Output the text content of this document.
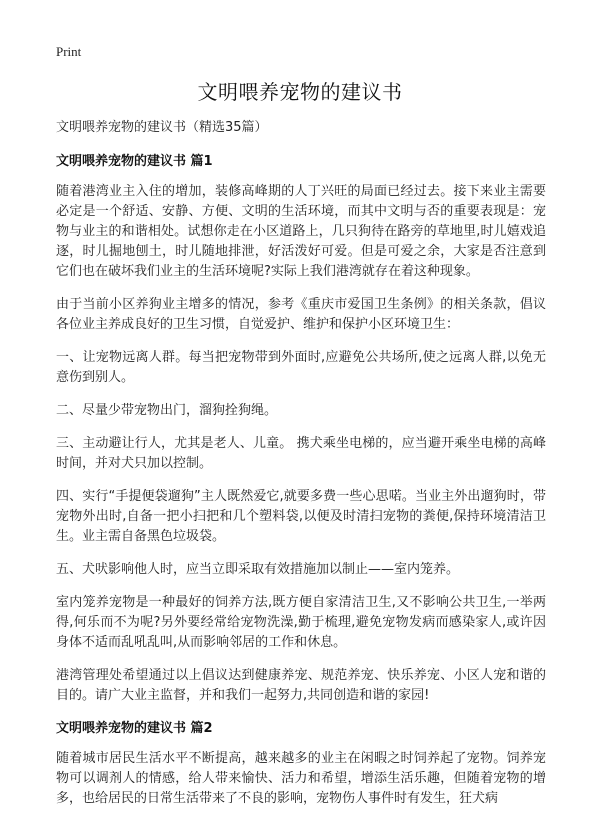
Print
文明喂养宠物的建议书

文明喂养宠物的建议书（精选35篇）

文明喂养宠物的建议书 篇1

随着港湾业主入住的增加，装修高峰期的人丁兴旺的局面已经过去。接下来业主需要必定是一个舒适、安静、方便、文明的生活环境，而其中文明与否的重要表现是：宠物与业主的和谐相处。试想你走在小区道路上，几只狗待在路旁的草地里,时儿嬉戏追逐，时儿掘地刨土，时儿随地排泄，好活泼好可爱。但是可爱之余，大家是否注意到它们也在破坏我们业主的生活环境呢?实际上我们港湾就存在着这种现象。

由于当前小区养狗业主增多的情况，参考《重庆市爱国卫生条例》的相关条款，倡议各位业主养成良好的卫生习惯，自觉爱护、维护和保护小区环境卫生：

一、让宠物远离人群。每当把宠物带到外面时,应避免公共场所,使之远离人群,以免无意伤到别人。

二、尽量少带宠物出门，溜狗拴狗绳。

三、主动避让行人，尤其是老人、儿童。 携犬乘坐电梯的，应当避开乘坐电梯的高峰时间，并对犬只加以控制。

四、实行“手提便袋遛狗”主人既然爱它,就要多费一些心思喏。当业主外出遛狗时，带宠物外出时,自备一把小扫把和几个塑料袋,以便及时清扫宠物的粪便,保持环境清洁卫生。业主需自备黑色垃圾袋。

五、犬吠影响他人时，应当立即采取有效措施加以制止——室内笼养。

室内笼养宠物是一种最好的饲养方法,既方便自家清洁卫生,又不影响公共卫生,一举两得,何乐而不为呢?另外要经常给宠物洗澡,勤于梳理,避免宠物发病而感染家人,或许因身体不适而乱吼乱叫,从而影响邻居的工作和休息。

港湾管理处希望通过以上倡议达到健康养宠、规范养宠、快乐养宠、小区人宠和谐的目的。请广大业主监督，并和我们一起努力,共同创造和谐的家园!

文明喂养宠物的建议书 篇2

随着城市居民生活水平不断提高，越来越多的业主在闲暇之时饲养起了宠物。饲养宠物可以调剂人的情感，给人带来愉快、活力和希望，增添生活乐趣，但随着宠物的增多，也给居民的日常生活带来了不良的影响，宠物伤人事件时有发生，狂犬病
